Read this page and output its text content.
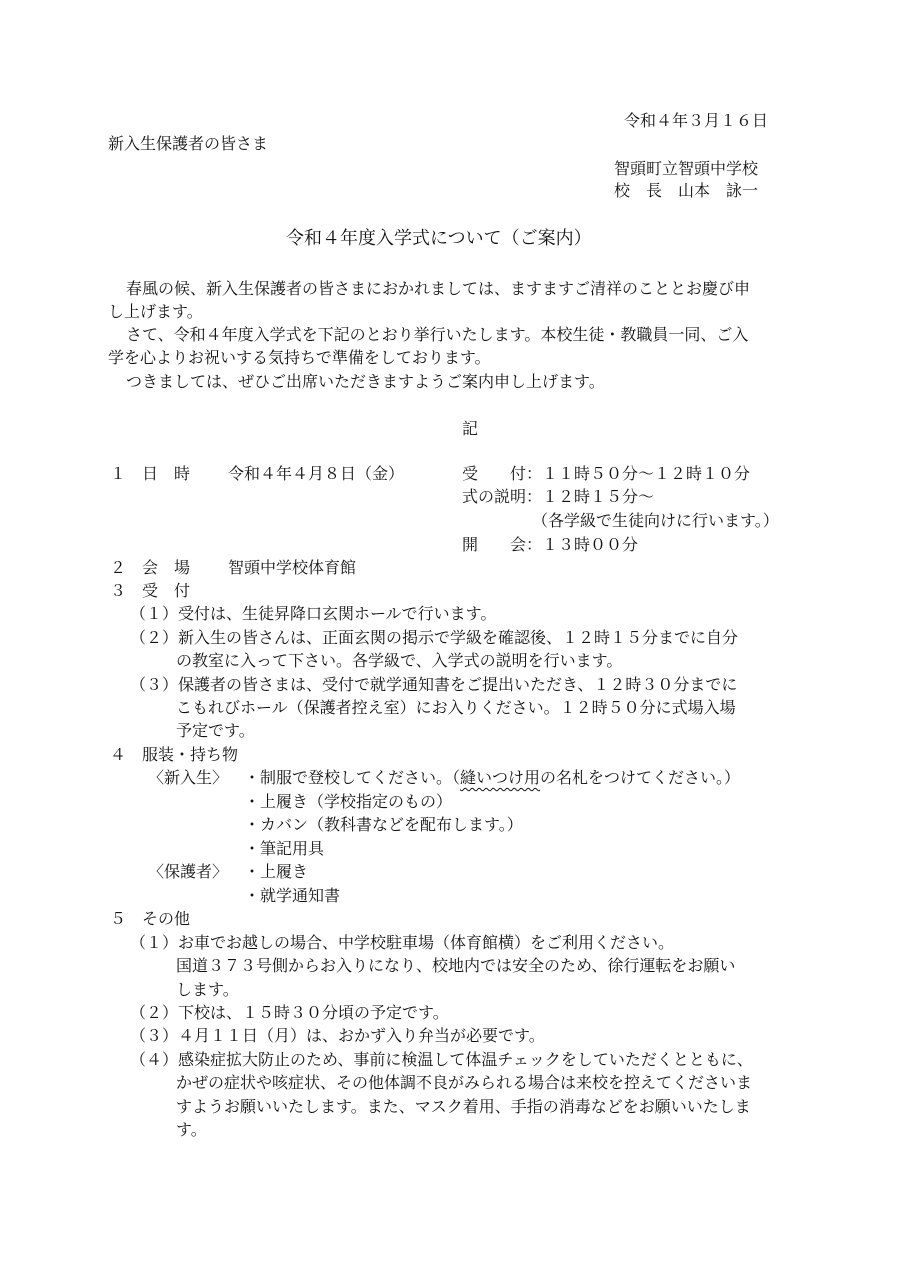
令和４年３月１６日
新入生保護者の皆さま
智頭町立智頭中学校
校　長　山本　詠一
令和４年度入学式について（ご案内）
春風の候、新入生保護者の皆さまにおかれましては、ますますご清祥のこととお慶び申
し上げます。
さて、令和４年度入学式を下記のとおり挙行いたします。本校生徒・教職員一同、ご入
学を心よりお祝いする気持ちで準備をしております。
つきましては、ぜひご出席いただきますようご案内申し上げます。
記
１　日　時 令和４年４月８日（金）	受　　付：１１時５０分～１２時１０分
式の説明：１２時１５分～
（各学級で生徒向けに行います。）
開　　会：１３時００分
２　会　場 智頭中学校体育館
３　受　付
（１）受付は、生徒昇降口玄関ホールで行います。
（２）新入生の皆さんは、正面玄関の掲示で学級を確認後、１２時１５分までに自分
の教室に入って下さい。各学級で、入学式の説明を行います。
（３）保護者の皆さまは、受付で就学通知書をご提出いただき、１２時３０分までに
こもれびホール（保護者控え室）にお入りください。１２時５０分に式場入場
予定です。
４　服装・持ち物
〈新入生〉 ・制服で登校してください。（縫いつけ用の名札をつけてください。）
・上履き（学校指定のもの）
・カバン（教科書などを配布します。）
・筆記用具
〈保護者〉 ・上履き
・就学通知書
５　その他
（１）お車でお越しの場合、中学校駐車場（体育館横）をご利用ください。
国道３７３号側からお入りになり、校地内では安全のため、徐行運転をお願い
します。
（２）下校は、１５時３０分頃の予定です。
（３）４月１１日（月）は、おかず入り弁当が必要です。
（４）感染症拡大防止のため、事前に検温して体温チェックをしていただくとともに、
かぜの症状や咳症状、その他体調不良がみられる場合は来校を控えてくださいま
すようお願いいたします。また、マスク着用、手指の消毒などをお願いいたしま
す。
